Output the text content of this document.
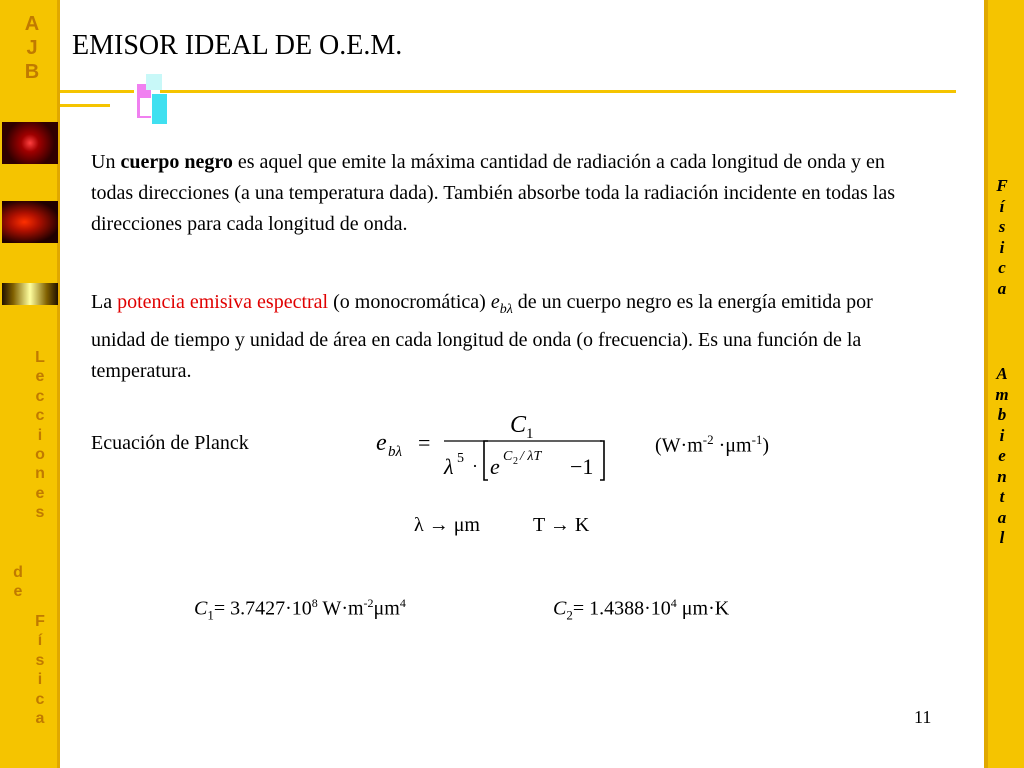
A
J
B
L
e
c
c
i
o
n
e
s
d
e
F
í
s
i
c
a
F
í
s
i
c
a
A
m
b
i
e
n
t
a
l
EMISOR IDEAL DE O.E.M.
Un cuerpo negro es aquel que emite la máxima cantidad de radiación a cada longitud de onda y en todas direcciones (a una temperatura dada). También absorbe toda la radiación incidente en todas las direcciones para cada longitud de onda.
La potencia emisiva espectral (o monocromática) $e_{b\lambda}$ de un cuerpo negro es la energía emitida por unidad de tiempo y unidad de área en cada longitud de onda (o frecuencia). Es una función de la temperatura.
Ecuación de Planck	e bλ =
C 1
λ 5 · e C 2 / λT −1
$(W\cdot m^{-2} \cdot\mu m^{-1})$
λ → μm	T → K
$C_1= 3.7427\cdot 10^8$ $W\cdot m^{-2}\mu m^4$	$C_2= 1.4388\cdot 10^4$ μm·K
11
